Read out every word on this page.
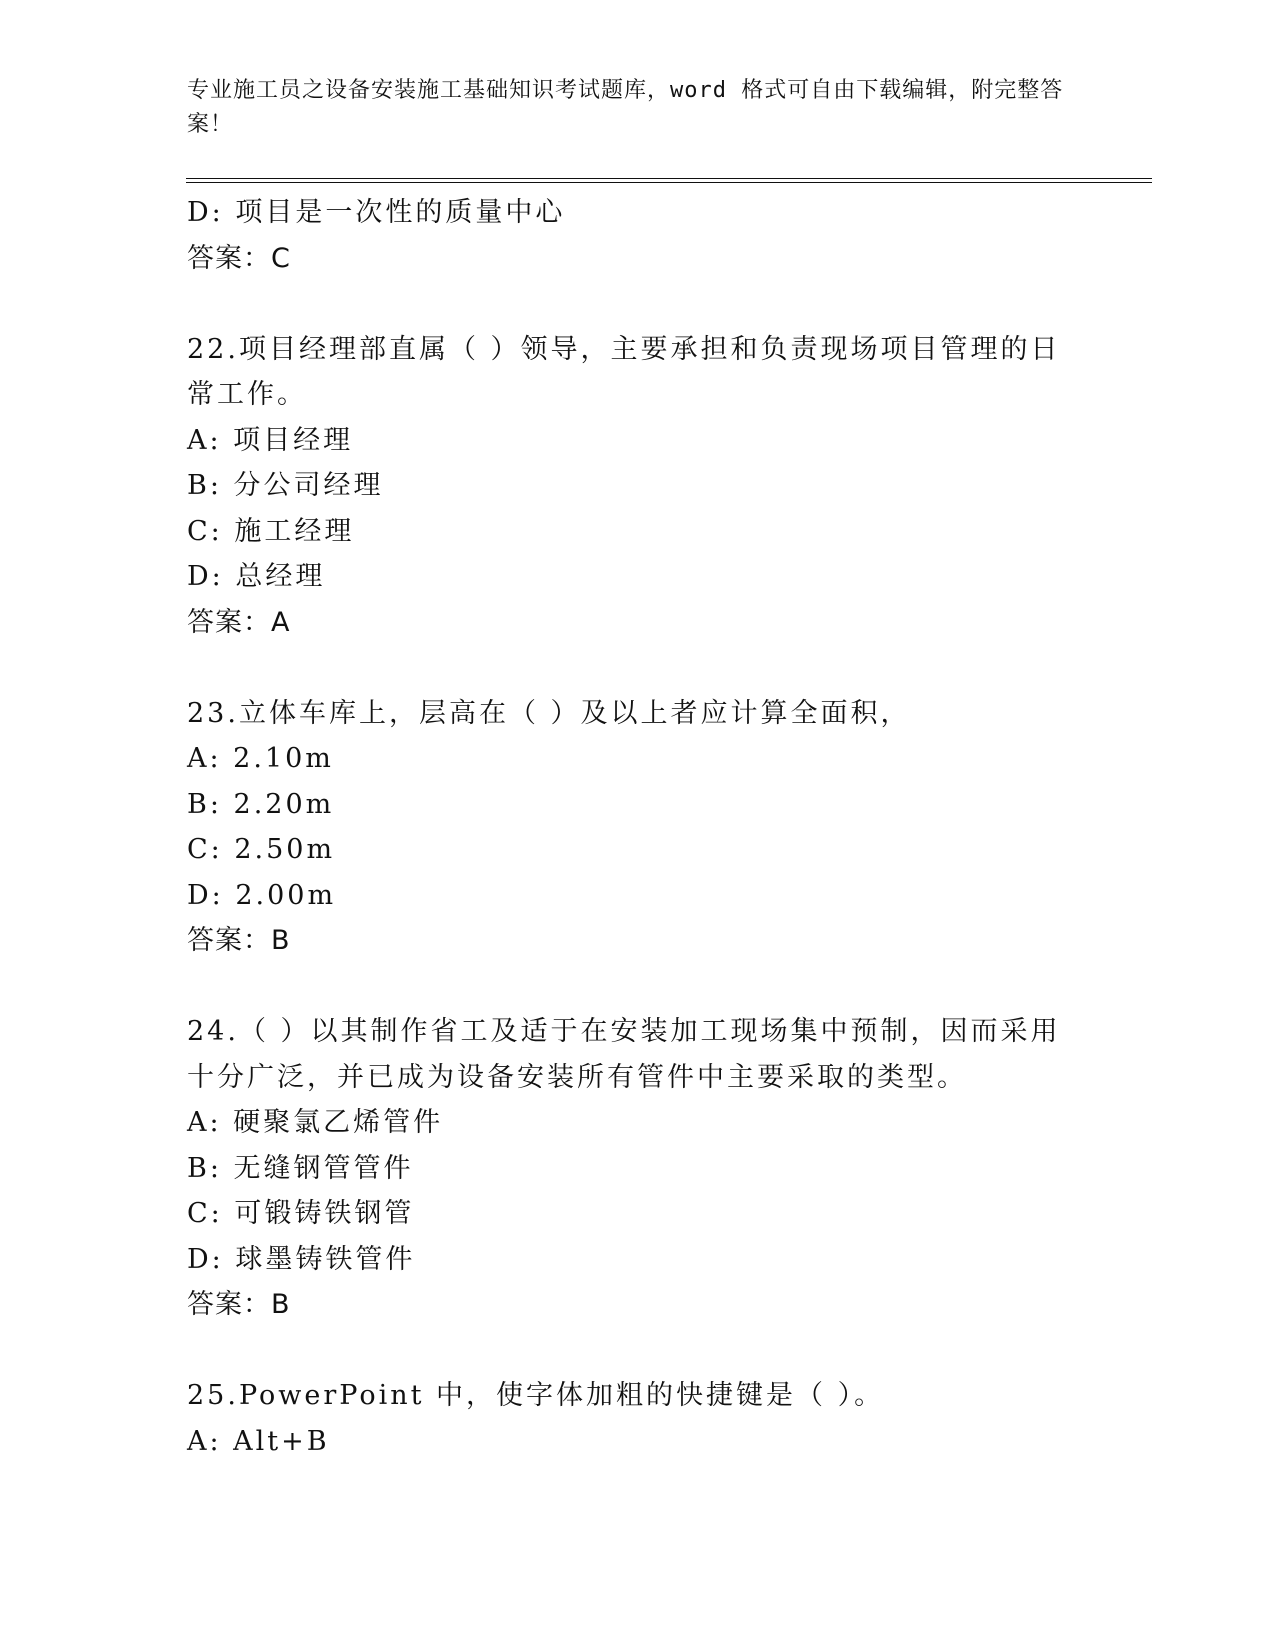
专业施工员之设备安装施工基础知识考试题库，word 格式可自由下载编辑，附完整答案！
D: 项目是一次性的质量中心
答案：C
22.项目经理部直属（ ）领导，主要承担和负责现场项目管理的日常工作。
A: 项目经理
B: 分公司经理
C: 施工经理
D: 总经理
答案：A
23.立体车库上，层高在（ ）及以上者应计算全面积，
A: 2.10m
B: 2.20m
C: 2.50m
D: 2.00m
答案：B
24.（ ）以其制作省工及适于在安装加工现场集中预制，因而采用十分广泛，并已成为设备安装所有管件中主要采取的类型。
A: 硬聚氯乙烯管件
B: 无缝钢管管件
C: 可锻铸铁钢管
D: 球墨铸铁管件
答案：B
25.PowerPoint 中，使字体加粗的快捷键是（ ）。
A: Alt+B
